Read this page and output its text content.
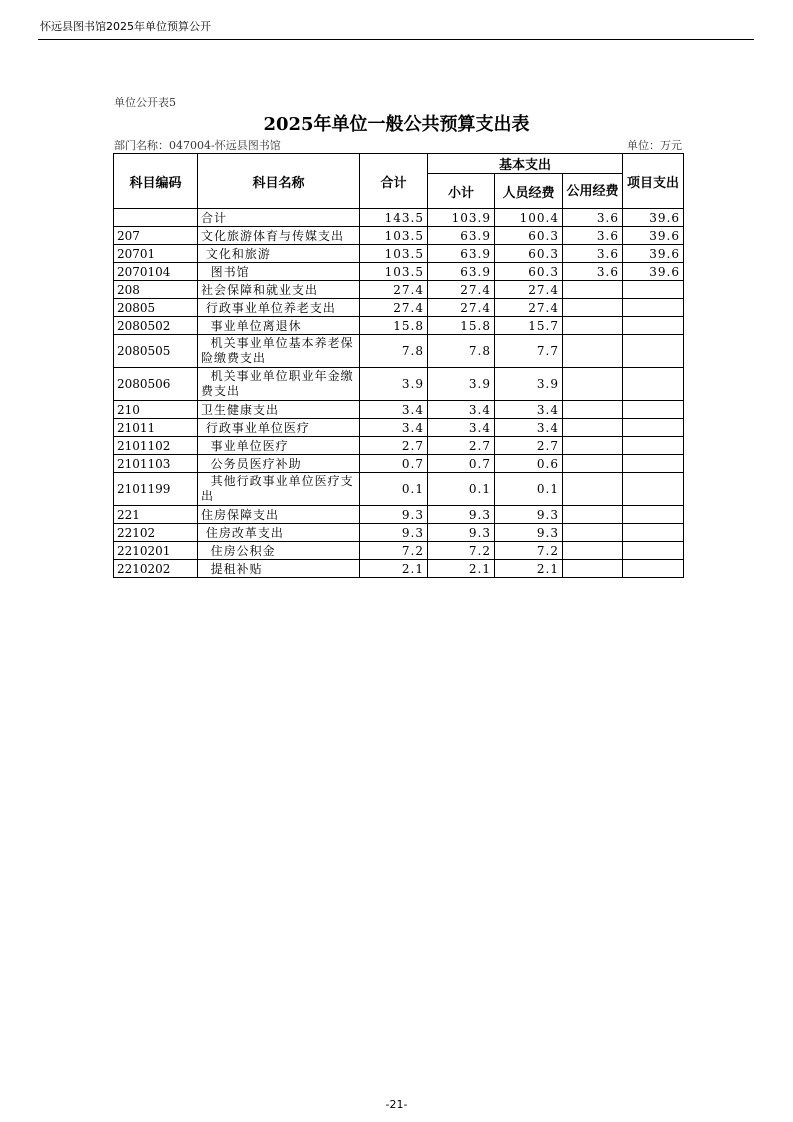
怀远县图书馆2025年单位预算公开
单位公开表5
2025年单位一般公共预算支出表
部门名称：047004-怀远县图书馆	单位：万元
科目编码	科目名称	合计	基本支出			项目支出
			小计	人员经费	公用经费	
	合计	143.5	103.9	100.4	3.6	39.6
207	文化旅游体育与传媒支出	103.5	63.9	60.3	3.6	39.6
20701	文化和旅游	103.5	63.9	60.3	3.6	39.6
2070104	图书馆	103.5	63.9	60.3	3.6	39.6
208	社会保障和就业支出	27.4	27.4	27.4		
20805	行政事业单位养老支出	27.4	27.4	27.4		
2080502	事业单位离退休	15.8	15.8	15.7		
2080505	机关事业单位基本养老保险缴费支出	7.8	7.8	7.7		
2080506	机关事业单位职业年金缴费支出	3.9	3.9	3.9		
210	卫生健康支出	3.4	3.4	3.4		
21011	行政事业单位医疗	3.4	3.4	3.4		
2101102	事业单位医疗	2.7	2.7	2.7		
2101103	公务员医疗补助	0.7	0.7	0.6		
2101199	其他行政事业单位医疗支出	0.1	0.1	0.1		
221	住房保障支出	9.3	9.3	9.3		
22102	住房改革支出	9.3	9.3	9.3		
2210201	住房公积金	7.2	7.2	7.2		
2210202	提租补贴	2.1	2.1	2.1		
-21-
